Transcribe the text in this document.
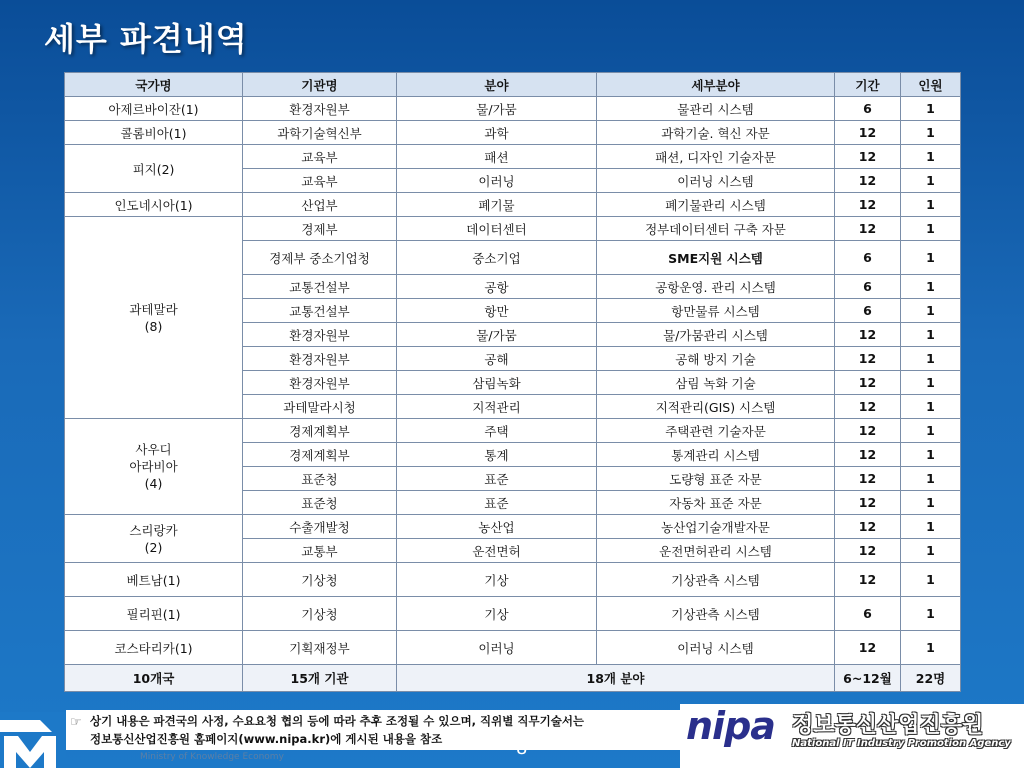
세부 파견내역
국가명	기관명	분야	세부분야	기간	인원
아제르바이잔(1)	환경자원부	물/가뭄	물관리 시스템	6	1
콜롬비아(1)	과학기술혁신부	과학	과학기술. 혁신 자문	12	1
피지(2)	교육부	패션	패션, 디자인 기술자문	12	1
	교육부	이러닝	이러닝 시스템	12	1
인도네시아(1)	산업부	폐기물	폐기물관리 시스템	12	1
과테말라
(8)	경제부	데이터센터	정부데이터센터 구축 자문	12	1
	경제부 중소기업청	중소기업	SME지원 시스템	6	1
	교통건설부	공항	공항운영. 관리 시스템	6	1
	교통건설부	항만	항만물류 시스템	6	1
	환경자원부	물/가뭄	물/가뭄관리 시스템	12	1
	환경자원부	공해	공해 방지 기술	12	1
	환경자원부	삼림녹화	삼림 녹화 기술	12	1
	과테말라시청	지적관리	지적관리(GIS) 시스템	12	1
사우디
아라비아
(4)	경제계획부	주택	주택관련 기술자문	12	1
	경제계획부	통계	통계관리 시스템	12	1
	표준청	표준	도량형 표준 자문	12	1
	표준청	표준	자동차 표준 자문	12	1
스리랑카
(2)	수출개발청	농산업	농산업기술개발자문	12	1
	교통부	운전면허	운전면허관리 시스템	12	1
베트남(1)	기상청	기상	기상관측 시스템	12	1
필리핀(1)	기상청	기상	기상관측 시스템	6	1
코스타리카(1)	기획재정부	이러닝	이러닝 시스템	12	1
10개국	15개 기관	18개 분야		6~12월	22명
Ministry of Knowledge Economy
☞ 상기 내용은 파견국의 사정, 수요요청 협의 등에 따라 추후 조정될 수 있으며, 직위별 직무기술서는
정보통신산업진흥원 홈페이지(www.nipa.kr)에 게시된 내용을 참조	8
nipa 정보통신산업진흥원
National IT Industry Promotion Agency
